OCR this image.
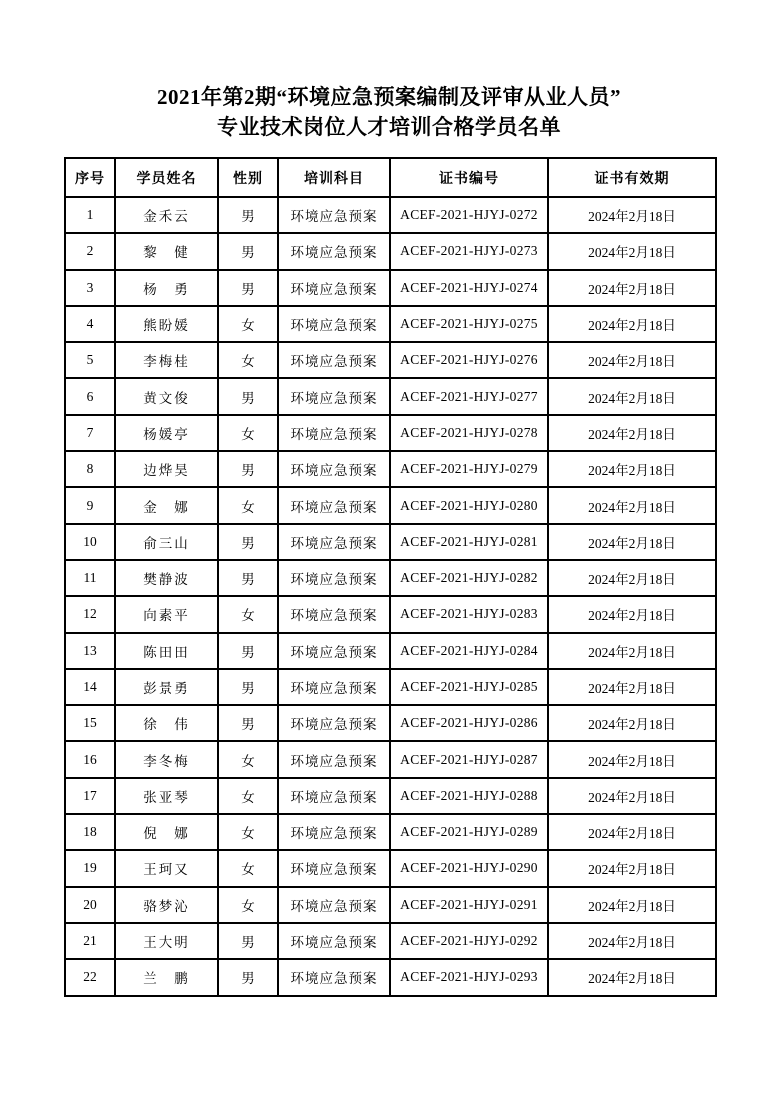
2021年第2期“环境应急预案编制及评审从业人员”

专业技术岗位人才培训合格学员名单

序号	学员姓名	性别	培训科目	证书编号	证书有效期
1	金禾云	男	环境应急预案	ACEF-2021-HJYJ-0272	2024年2月18日
2	黎　健	男	环境应急预案	ACEF-2021-HJYJ-0273	2024年2月18日
3	杨　勇	男	环境应急预案	ACEF-2021-HJYJ-0274	2024年2月18日
4	熊盼媛	女	环境应急预案	ACEF-2021-HJYJ-0275	2024年2月18日
5	李梅桂	女	环境应急预案	ACEF-2021-HJYJ-0276	2024年2月18日
6	黄文俊	男	环境应急预案	ACEF-2021-HJYJ-0277	2024年2月18日
7	杨媛亭	女	环境应急预案	ACEF-2021-HJYJ-0278	2024年2月18日
8	边烨昊	男	环境应急预案	ACEF-2021-HJYJ-0279	2024年2月18日
9	金　娜	女	环境应急预案	ACEF-2021-HJYJ-0280	2024年2月18日
10	俞三山	男	环境应急预案	ACEF-2021-HJYJ-0281	2024年2月18日
11	樊静波	男	环境应急预案	ACEF-2021-HJYJ-0282	2024年2月18日
12	向素平	女	环境应急预案	ACEF-2021-HJYJ-0283	2024年2月18日
13	陈田田	男	环境应急预案	ACEF-2021-HJYJ-0284	2024年2月18日
14	彭景勇	男	环境应急预案	ACEF-2021-HJYJ-0285	2024年2月18日
15	徐　伟	男	环境应急预案	ACEF-2021-HJYJ-0286	2024年2月18日
16	李冬梅	女	环境应急预案	ACEF-2021-HJYJ-0287	2024年2月18日
17	张亚琴	女	环境应急预案	ACEF-2021-HJYJ-0288	2024年2月18日
18	倪　娜	女	环境应急预案	ACEF-2021-HJYJ-0289	2024年2月18日
19	王珂又	女	环境应急预案	ACEF-2021-HJYJ-0290	2024年2月18日
20	骆梦沁	女	环境应急预案	ACEF-2021-HJYJ-0291	2024年2月18日
21	王大明	男	环境应急预案	ACEF-2021-HJYJ-0292	2024年2月18日
22	兰　鹏	男	环境应急预案	ACEF-2021-HJYJ-0293	2024年2月18日
